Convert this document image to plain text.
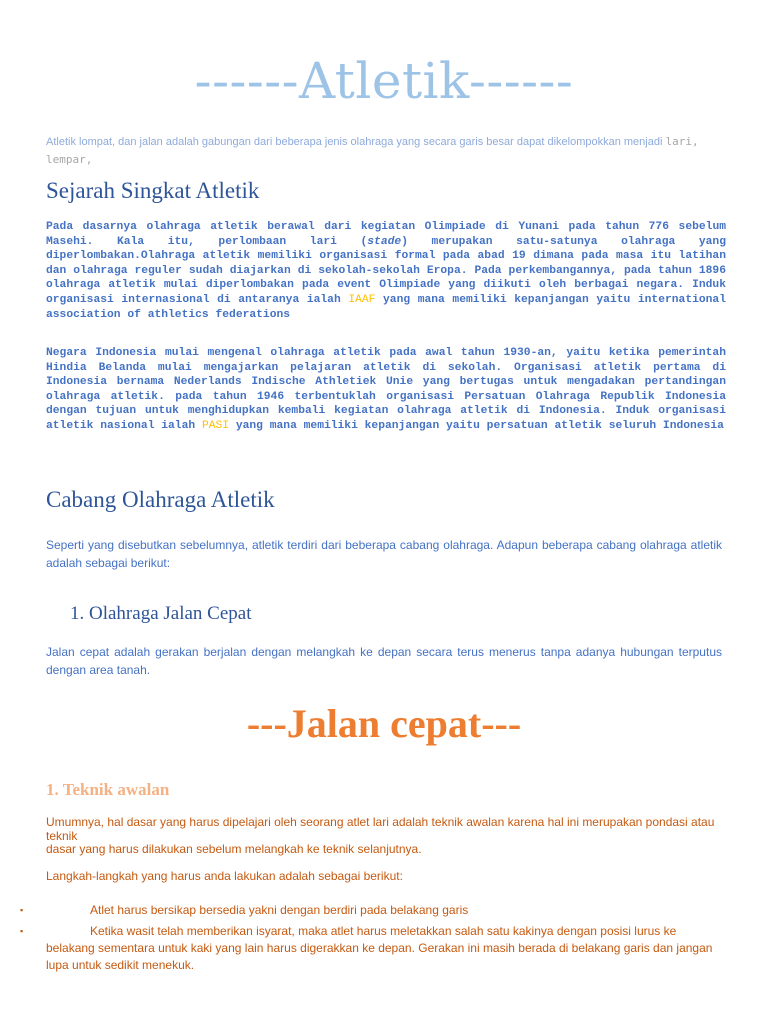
------Atletik------
Atletik lompat, dan jalan adalah gabungan dari beberapa jenis olahraga yang secara garis besar dapat dikelompokkan menjadi lari,
lempar,
Sejarah Singkat Atletik
Pada dasarnya olahraga atletik berawal dari kegiatan Olimpiade di Yunani pada tahun 776 sebelum Masehi. Kala itu, perlombaan lari (stade) merupakan satu-satunya olahraga yang diperlombakan.Olahraga atletik memiliki organisasi formal pada abad 19 dimana pada masa itu latihan dan olahraga reguler sudah diajarkan di sekolah-sekolah Eropa. Pada perkembangannya, pada tahun 1896 olahraga atletik mulai diperlombakan pada event Olimpiade yang diikuti oleh berbagai negara. Induk organisasi internasional di antaranya ialah IAAF yang mana memiliki kepanjangan yaitu international association of athletics federations
Negara Indonesia mulai mengenal olahraga atletik pada awal tahun 1930-an, yaitu ketika pemerintah Hindia Belanda mulai mengajarkan pelajaran atletik di sekolah. Organisasi atletik pertama di Indonesia bernama Nederlands Indische Athletiek Unie yang bertugas untuk mengadakan pertandingan olahraga atletik. pada tahun 1946 terbentuklah organisasi Persatuan Olahraga Republik Indonesia dengan tujuan untuk menghidupkan kembali kegiatan olahraga atletik di Indonesia. Induk organisasi atletik nasional ialah PASI yang mana memiliki kepanjangan yaitu persatuan atletik seluruh Indonesia
Cabang Olahraga Atletik
Seperti yang disebutkan sebelumnya, atletik terdiri dari beberapa cabang olahraga. Adapun beberapa cabang olahraga atletik adalah sebagai berikut:
1. Olahraga Jalan Cepat
Jalan cepat adalah gerakan berjalan dengan melangkah ke depan secara terus menerus tanpa adanya hubungan terputus dengan area tanah.
---Jalan cepat---
1. Teknik awalan
Umumnya, hal dasar yang harus dipelajari oleh seorang atlet lari adalah teknik awalan karena hal ini merupakan pondasi atau teknik
dasar yang harus dilakukan sebelum melangkah ke teknik selanjutnya.
Langkah-langkah yang harus anda lakukan adalah sebagai berikut:
▪	Atlet harus bersikap bersedia yakni dengan berdiri pada belakang garis
▪	Ketika wasit telah memberikan isyarat, maka atlet harus meletakkan salah satu kakinya dengan posisi lurus ke belakang sementara untuk kaki yang lain harus digerakkan ke depan. Gerakan ini masih berada di belakang garis dan jangan lupa untuk sedikit menekuk.
